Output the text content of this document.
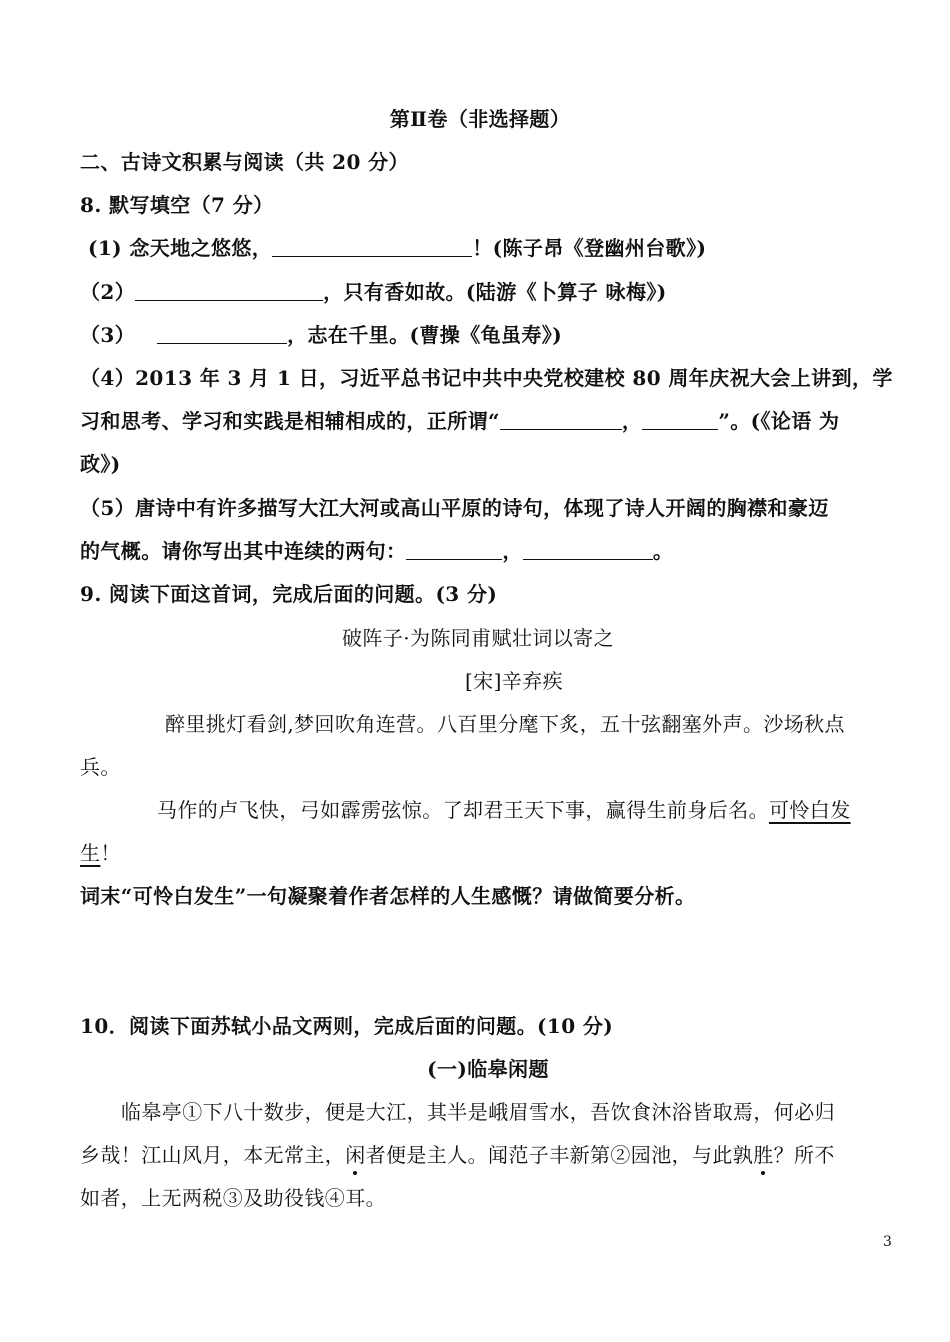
第Ⅱ卷（非选择题）
二、古诗文积累与阅读（共 20 分）
8. 默写填空（7 分）
(1) 念天地之悠悠，	！(陈子昂《登幽州台歌》)
（2）	，只有香如故。(陆游《卜算子 咏梅》)
（3）	，志在千里。(曹操《龟虽寿》)
（4）2013 年 3 月 1 日，习近平总书记中共中央党校建校 80 周年庆祝大会上讲到，学
习和思考、学习和实践是相辅相成的，正所谓“	，	”。(《论语 为
政》)
（5）唐诗中有许多描写大江大河或高山平原的诗句，体现了诗人开阔的胸襟和豪迈
的气概。请你写出其中连续的两句：	，	。
9. 阅读下面这首词，完成后面的问题。(3 分)
破阵子·为陈同甫赋壮词以寄之
[宋]辛弃疾
醉里挑灯看剑,梦回吹角连营。八百里分麾下炙，五十弦翻塞外声。沙场秋点
兵。
马作的卢飞快，弓如霹雳弦惊。了却君王天下事，赢得生前身后名。可怜白发
生！
词末“可怜白发生”一句凝聚着作者怎样的人生感慨？请做简要分析。
10．阅读下面苏轼小品文两则，完成后面的问题。(10 分)
(一)临皋闲题
临皋亭①下八十数步，便是大江，其半是峨眉雪水，吾饮食沐浴皆取焉，何必归
乡哉！江山风月，本无常主，闲者便是主人。闻范子丰新第②园池，与此孰胜？所不
如者，上无两税③及助役钱④耳。
3
